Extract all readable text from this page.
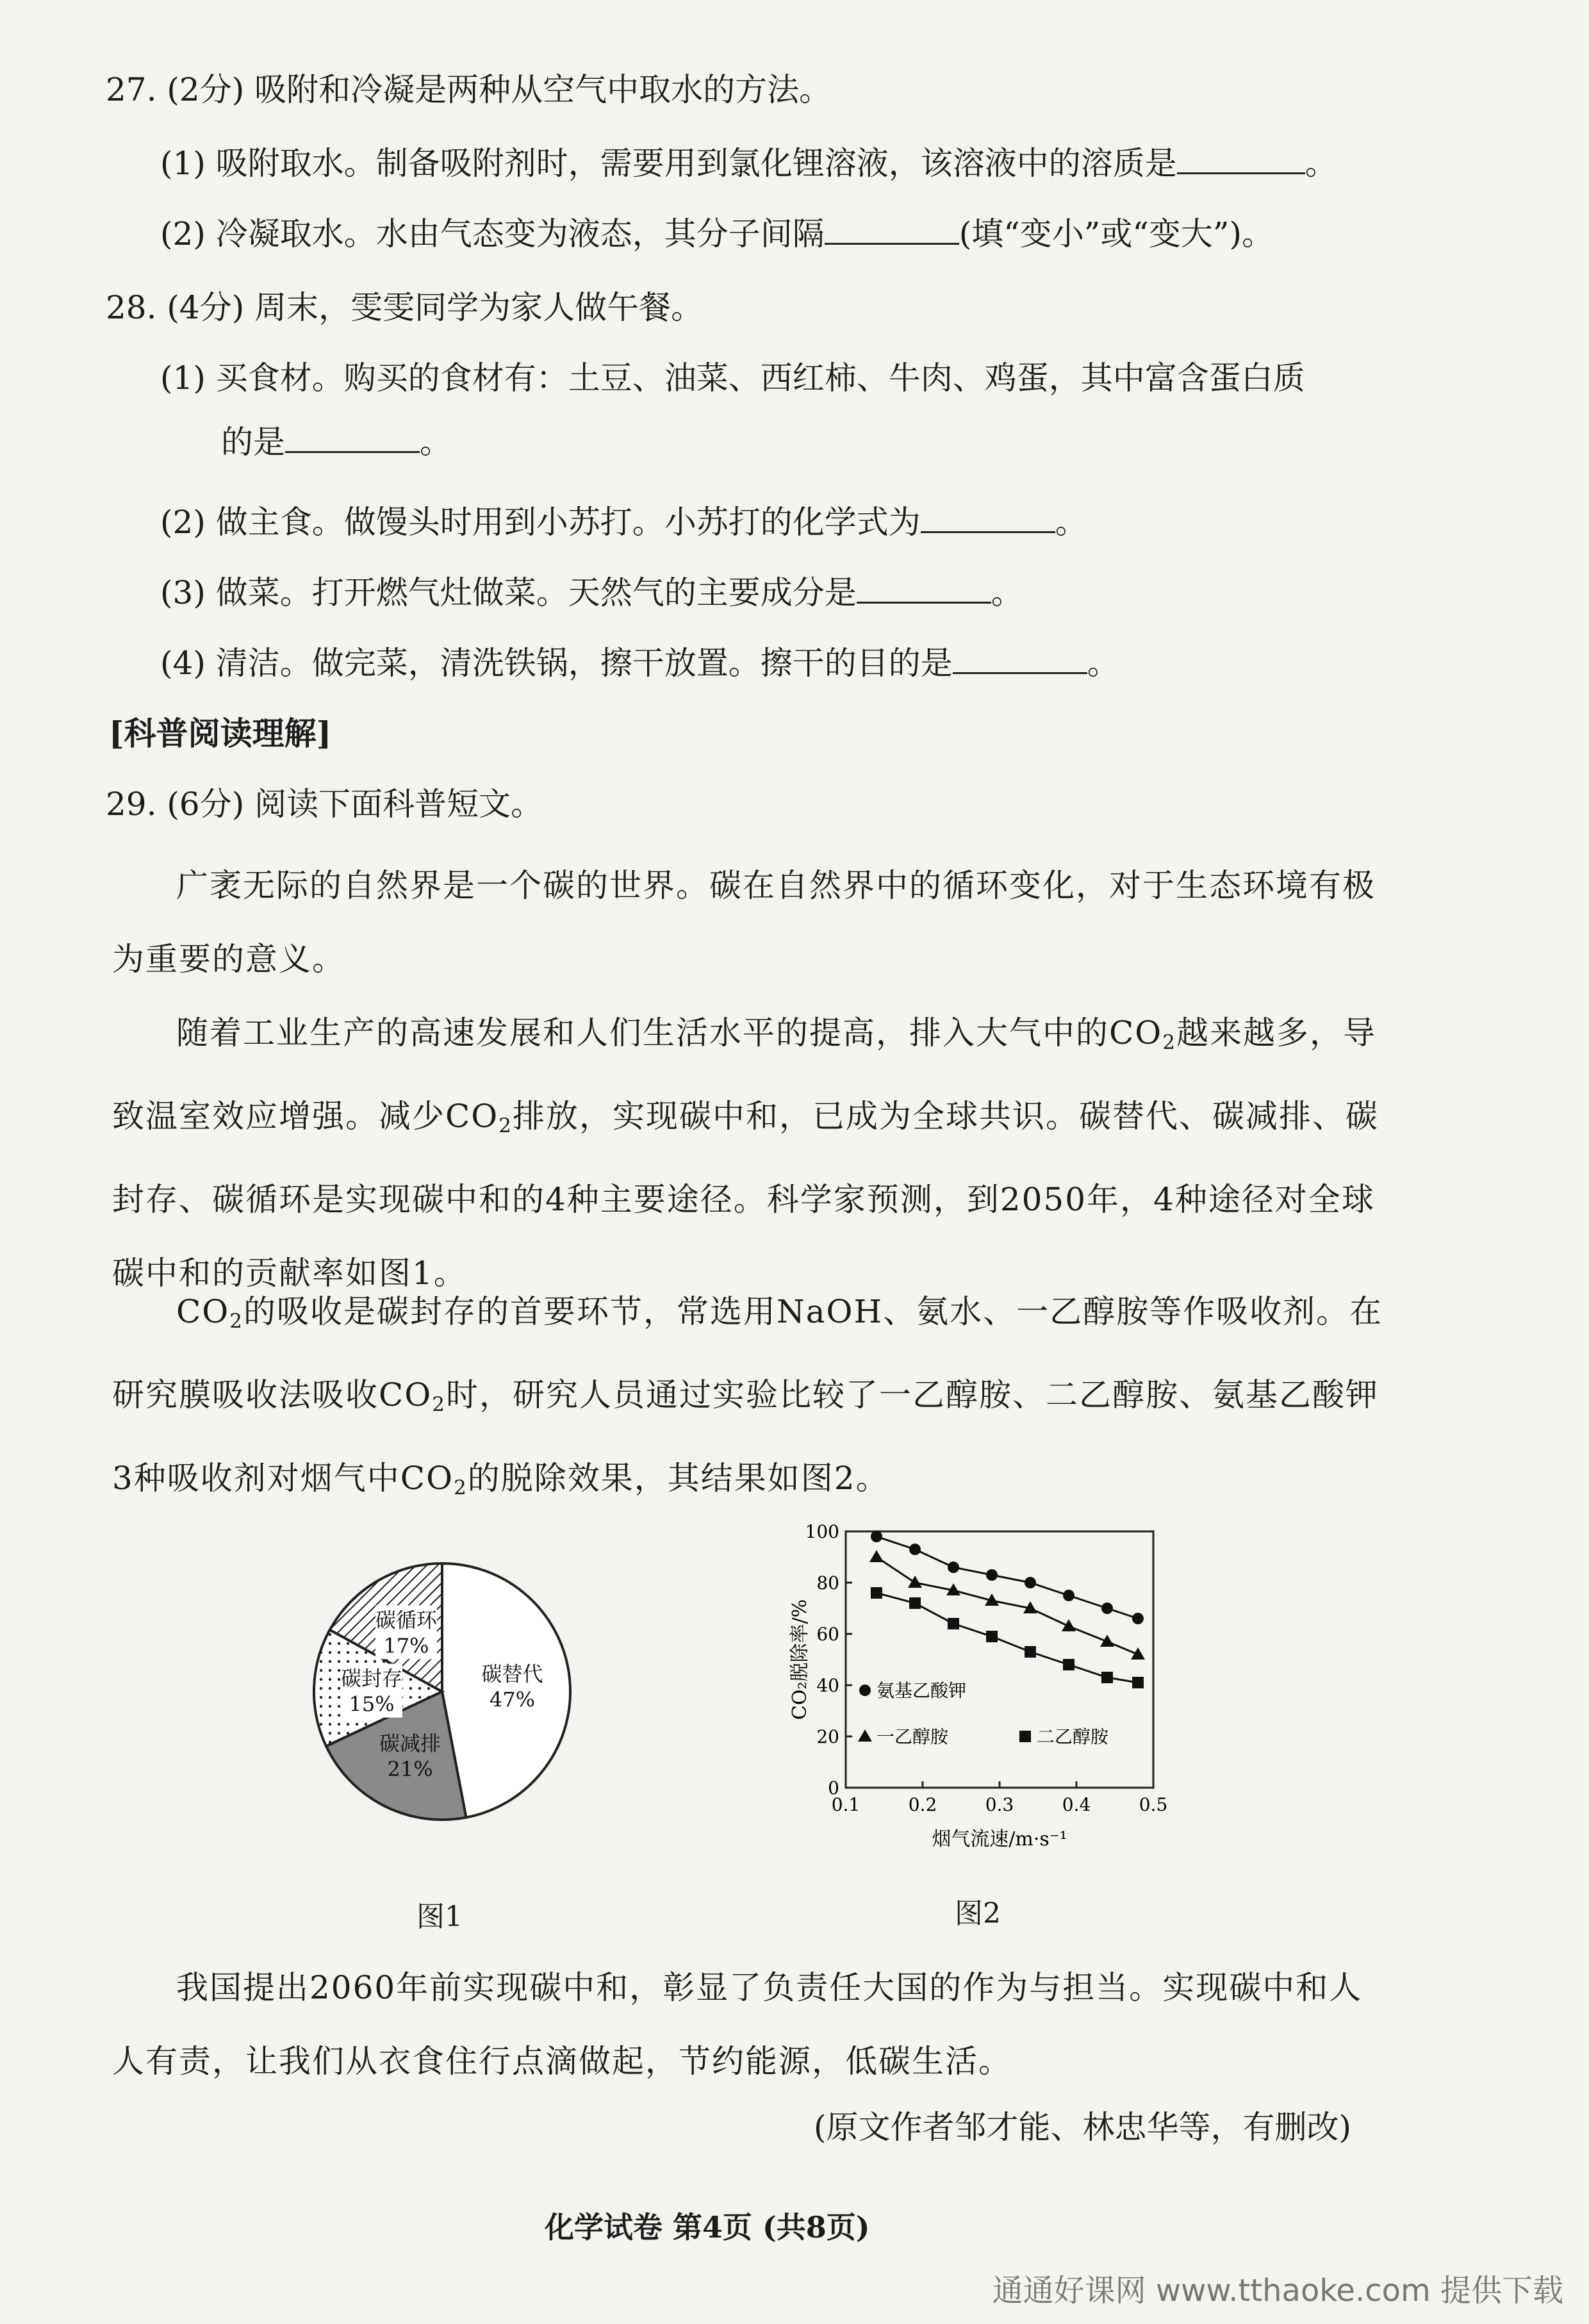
27. (2分) 吸附和冷凝是两种从空气中取水的方法。
(1) 吸附取水。制备吸附剂时，需要用到氯化锂溶液，该溶液中的溶质是	。
(2) 冷凝取水。水由气态变为液态，其分子间隔	(填“变小”或“变大”)。
28. (4分) 周末，雯雯同学为家人做午餐。
(1) 买食材。购买的食材有：土豆、油菜、西红柿、牛肉、鸡蛋，其中富含蛋白质
的是	。
(2) 做主食。做馒头时用到小苏打。小苏打的化学式为	。
(3) 做菜。打开燃气灶做菜。天然气的主要成分是	。
(4) 清洁。做完菜，清洗铁锅，擦干放置。擦干的目的是	。
[科普阅读理解]
29. (6分) 阅读下面科普短文。
广袤无际的自然界是一个碳的世界。碳在自然界中的循环变化，对于生态环境有极为重要的意义。
随着工业生产的高速发展和人们生活水平的提高，排入大气中的$CO_2$越来越多，导致温室效应增强。减少$CO_2$排放，实现碳中和，已成为全球共识。碳替代、碳减排、碳封存、碳循环是实现碳中和的4种主要途径。科学家预测，到2050年，4种途径对全球碳中和的贡献率如图1。
$CO_2$的吸收是碳封存的首要环节，常选用NaOH、氨水、一乙醇胺等作吸收剂。在研究膜吸收法吸收$CO_2$时，研究人员通过实验比较了一乙醇胺、二乙醇胺、氨基乙酸钾3种吸收剂对烟气中$CO_2$的脱除效果，其结果如图2。
碳替代
47%
碳减排
21%
碳封存
15%
碳循环
17%
图1
0
20
40
60
80
100
0.1	0.2	0.3	0.4	0.5
烟气流速/m·s⁻¹
CO₂脱除率/%	氨基乙酸钾
一乙醇胺	二乙醇胺
图2
我国提出2060年前实现碳中和，彰显了负责任大国的作为与担当。实现碳中和人人有责，让我们从衣食住行点滴做起，节约能源，低碳生活。
(原文作者邹才能、林忠华等，有删改)
化学试卷 第4页 (共8页)
通通好课网 www.tthaoke.com 提供下载
